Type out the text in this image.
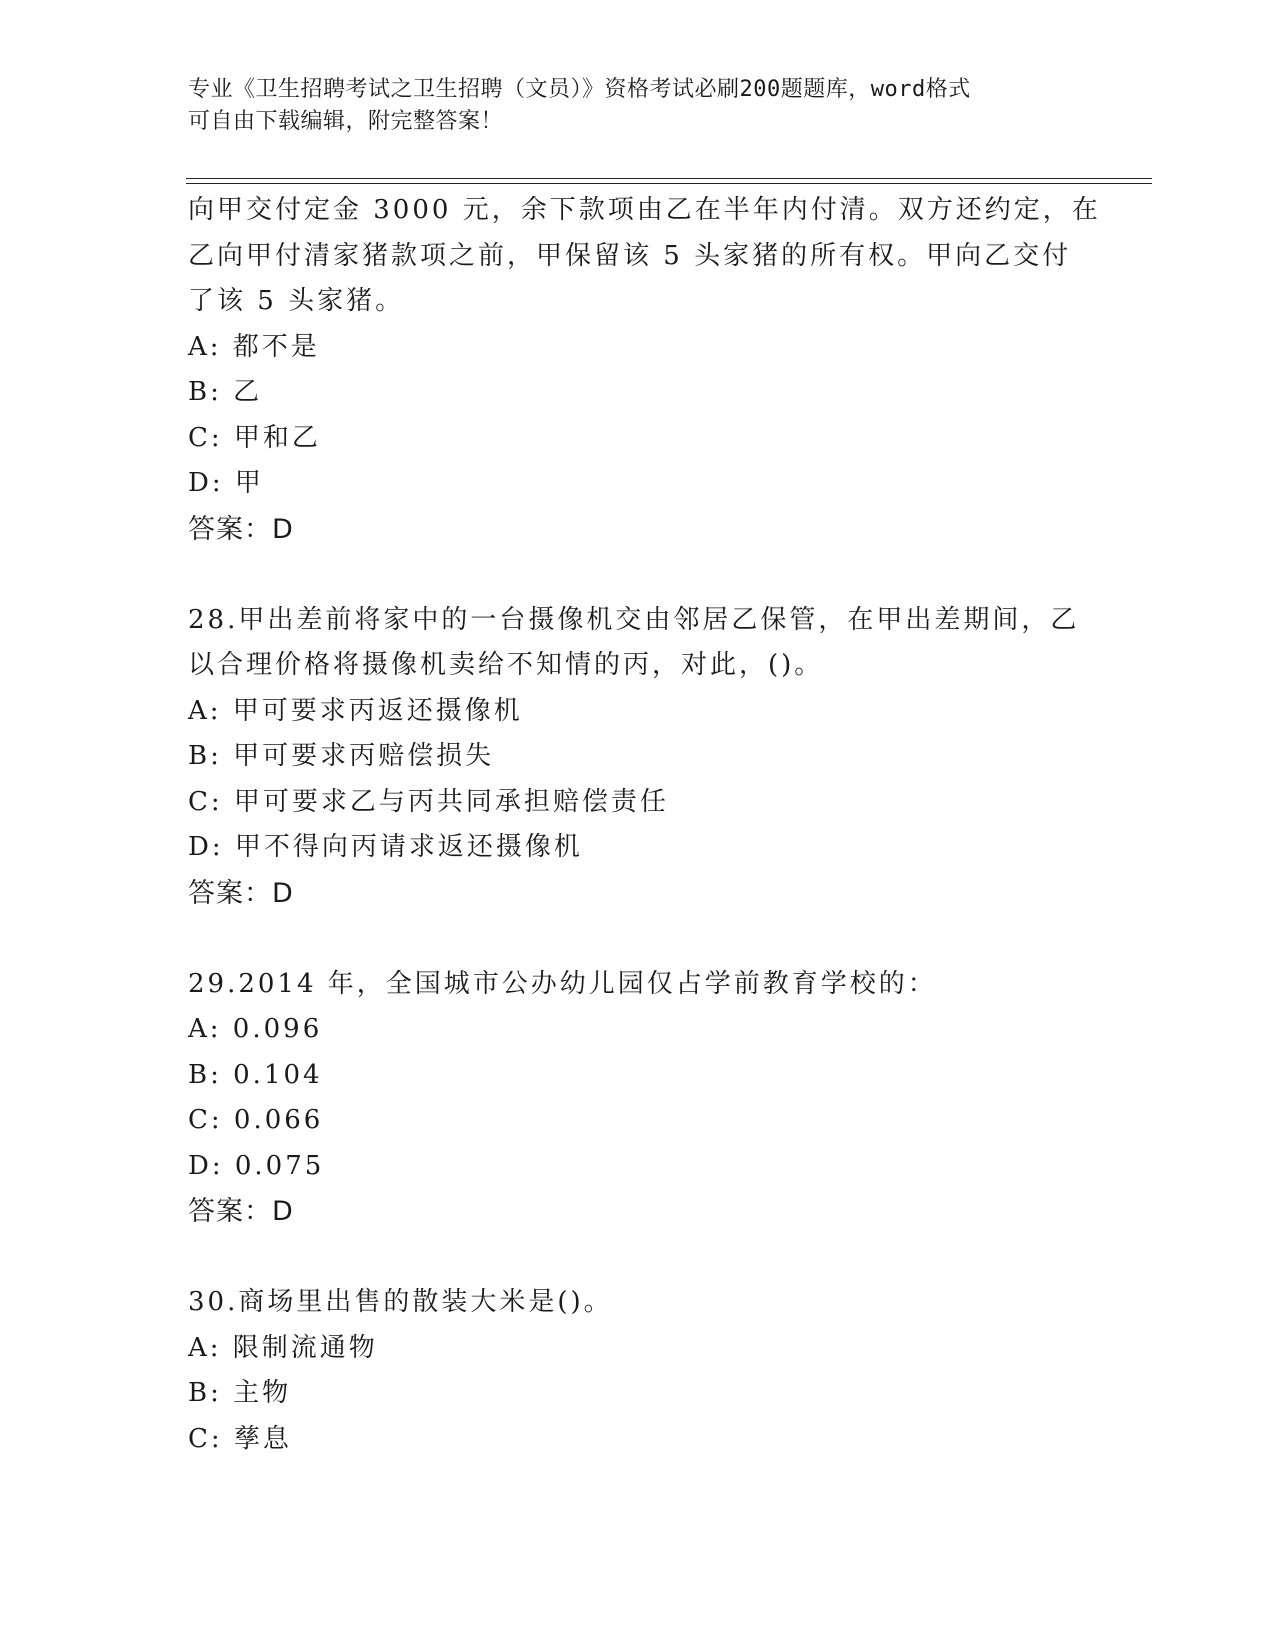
专业《卫生招聘考试之卫生招聘（文员）》资格考试必刷200题题库，word格式
可自由下载编辑，附完整答案！
向甲交付定金 3000 元，余下款项由乙在半年内付清。双方还约定，在
乙向甲付清家猪款项之前，甲保留该 5 头家猪的所有权。甲向乙交付
了该 5 头家猪。
A: 都不是
B: 乙
C: 甲和乙
D: 甲
答案：D
28.甲出差前将家中的一台摄像机交由邻居乙保管，在甲出差期间，乙
以合理价格将摄像机卖给不知情的丙，对此，()。
A: 甲可要求丙返还摄像机
B: 甲可要求丙赔偿损失
C: 甲可要求乙与丙共同承担赔偿责任
D: 甲不得向丙请求返还摄像机
答案：D
29.2014 年，全国城市公办幼儿园仅占学前教育学校的：
A: 0.096
B: 0.104
C: 0.066
D: 0.075
答案：D
30.商场里出售的散装大米是()。
A: 限制流通物
B: 主物
C: 孳息
